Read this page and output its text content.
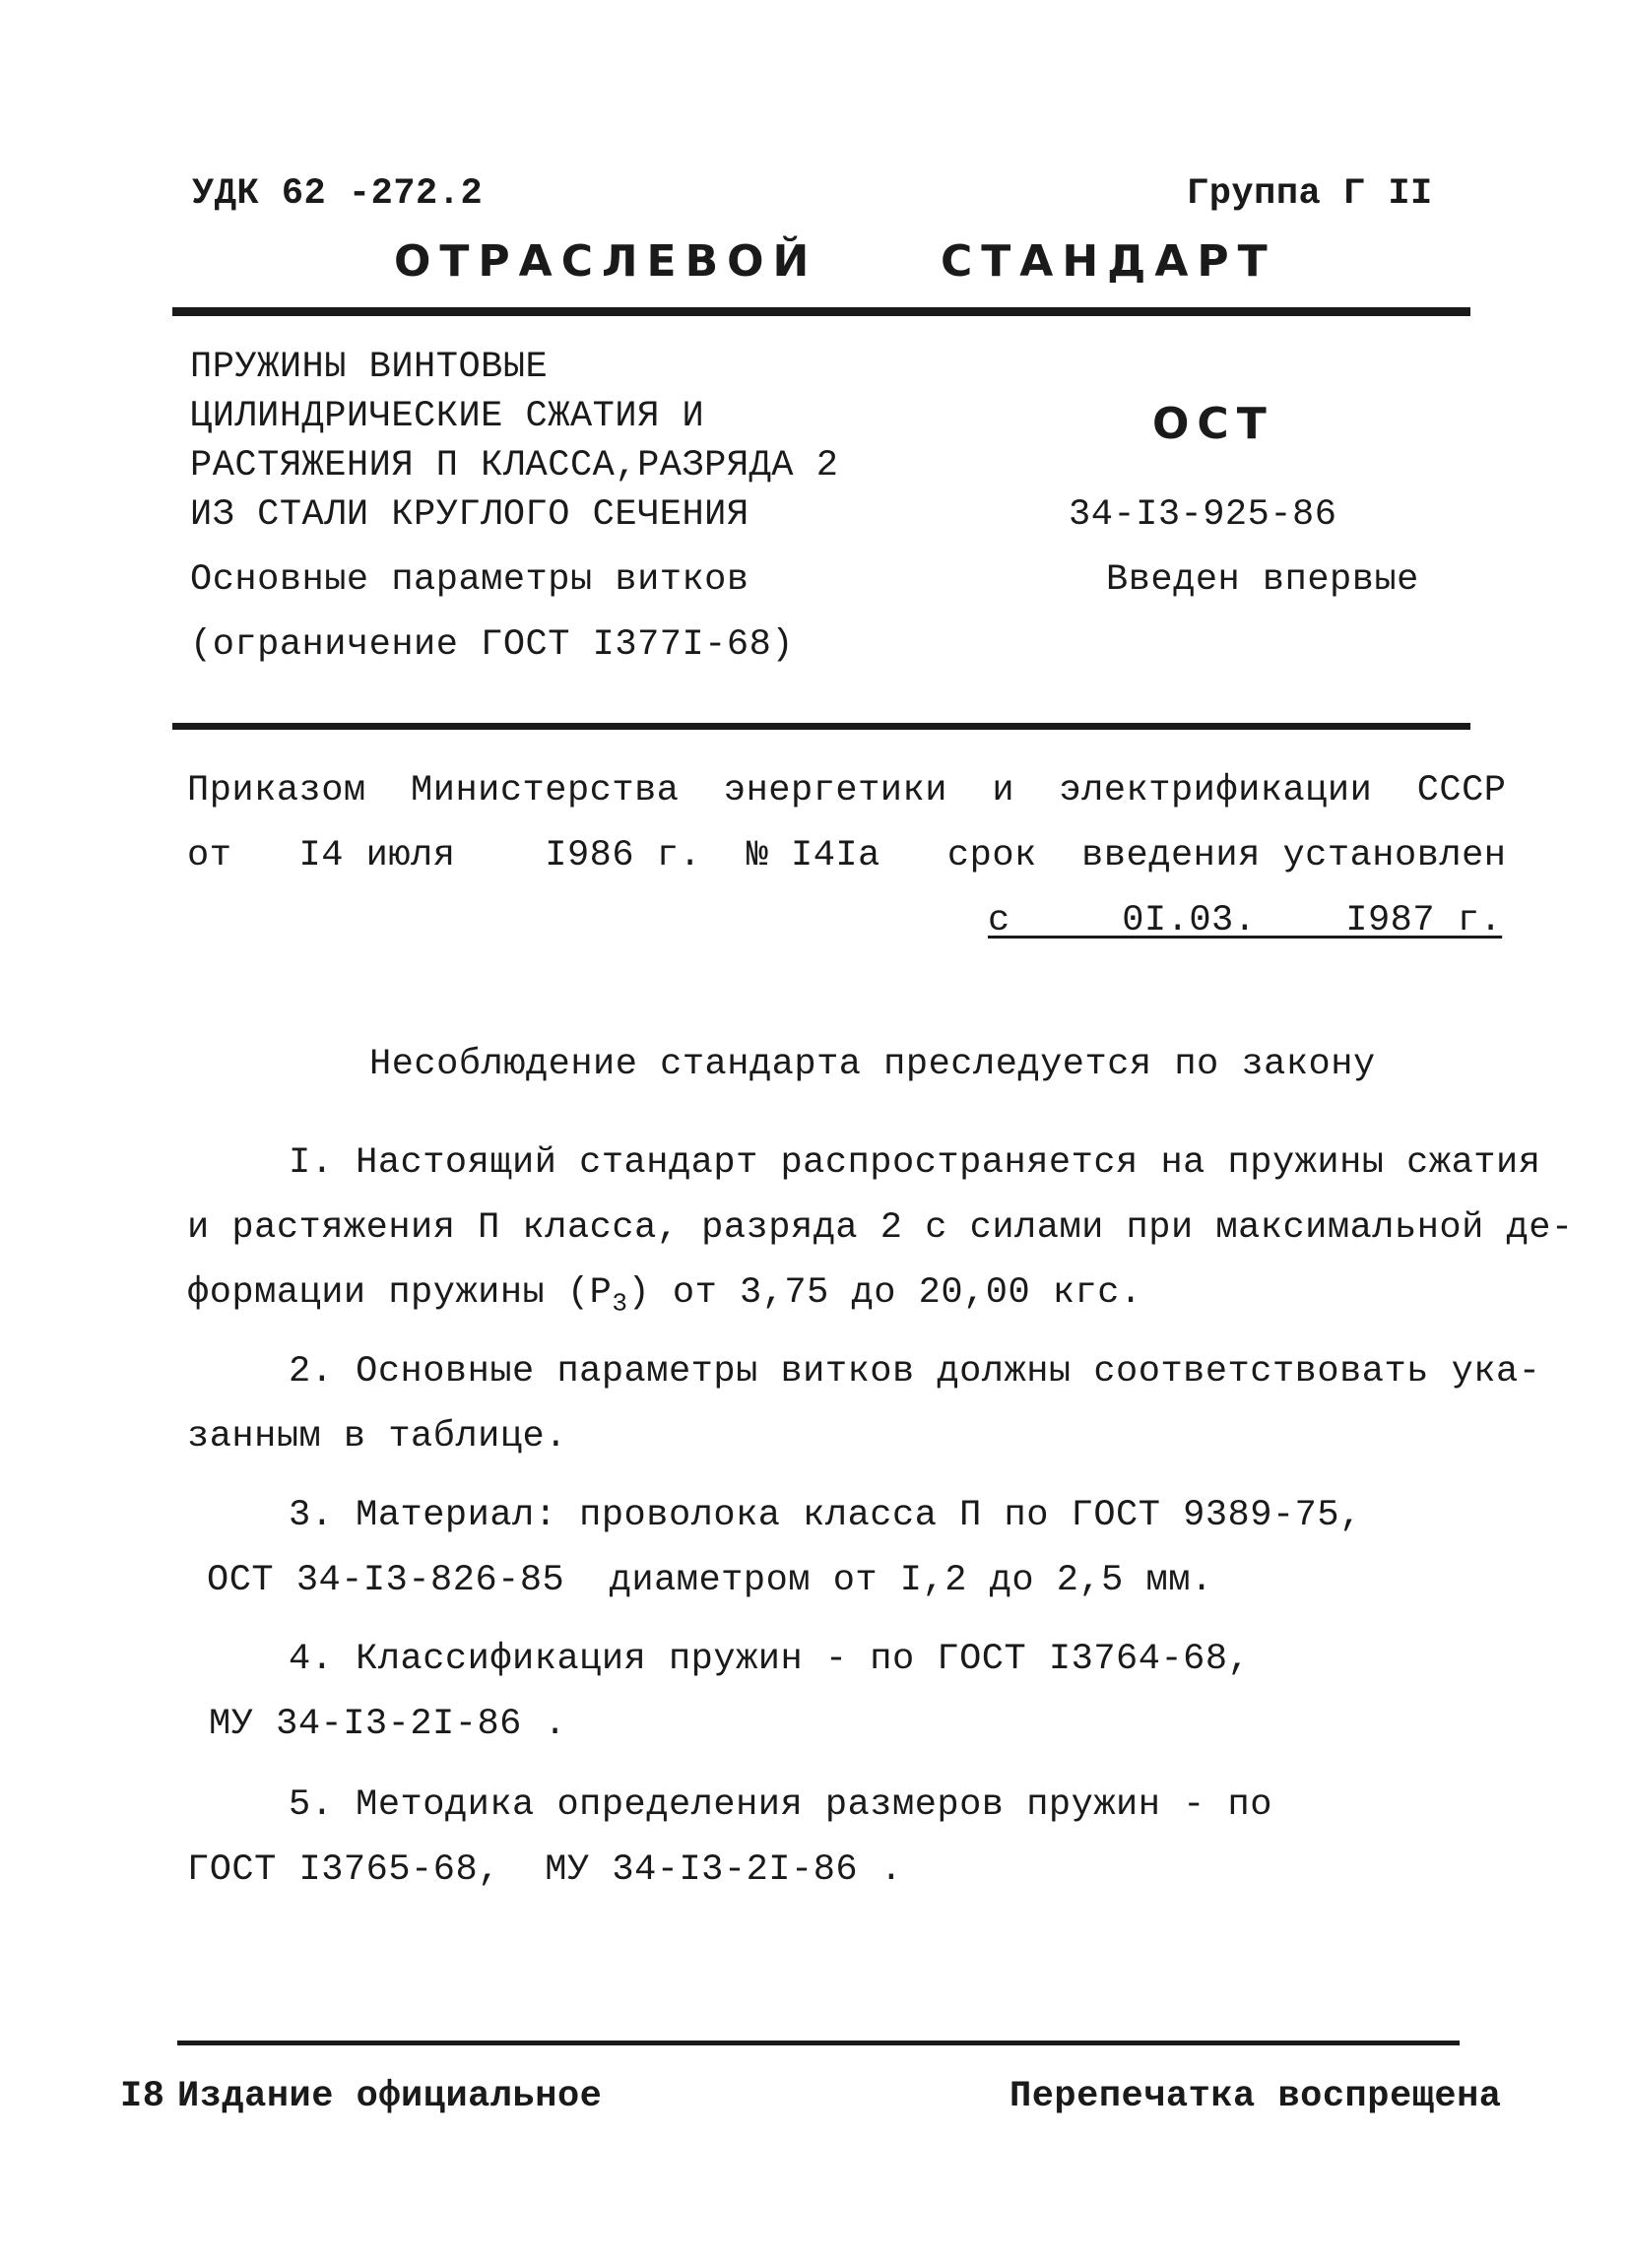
УДК 62 -272.2	Группа Г II
ОТРАСЛЕВОЙ	СТАНДАРТ
ПРУЖИНЫ ВИНТОВЫЕ
ЦИЛИНДРИЧЕСКИЕ СЖАТИЯ И
РАСТЯЖЕНИЯ П КЛАССА,РАЗРЯДА 2
ИЗ СТАЛИ КРУГЛОГО СЕЧЕНИЯ
Основные параметры витков
(ограничение ГОСТ I377I-68)
ОСТ
34-I3-925-86
Введен впервые
Приказом  Министерства  энергетики  и  электрификации  СССР
от   I4 июля    I986 г.  № I4Iа   срок  введения установлен
с     0I.03.    I987 г.
Несоблюдение стандарта преследуется по закону
I. Настоящий стандарт распространяется на пружины сжатия
и растяжения П класса, разряда 2 с силами при максимальной де-
формации пружины $(Р_3)$ от 3,75 до 20,00 кгс.
2. Основные параметры витков должны соответствовать ука-
занным в таблице.
3. Материал: проволока класса П по ГОСТ 9389-75,
ОСТ 34-I3-826-85  диаметром от I,2 до 2,5 мм.
4. Классификация пружин - по ГОСТ I3764-68,
МУ 34-I3-2I-86 .
5. Методика определения размеров пружин - по
ГОСТ I3765-68,  МУ 34-I3-2I-86 .
I8 Издание официальное	Перепечатка воспрещена
